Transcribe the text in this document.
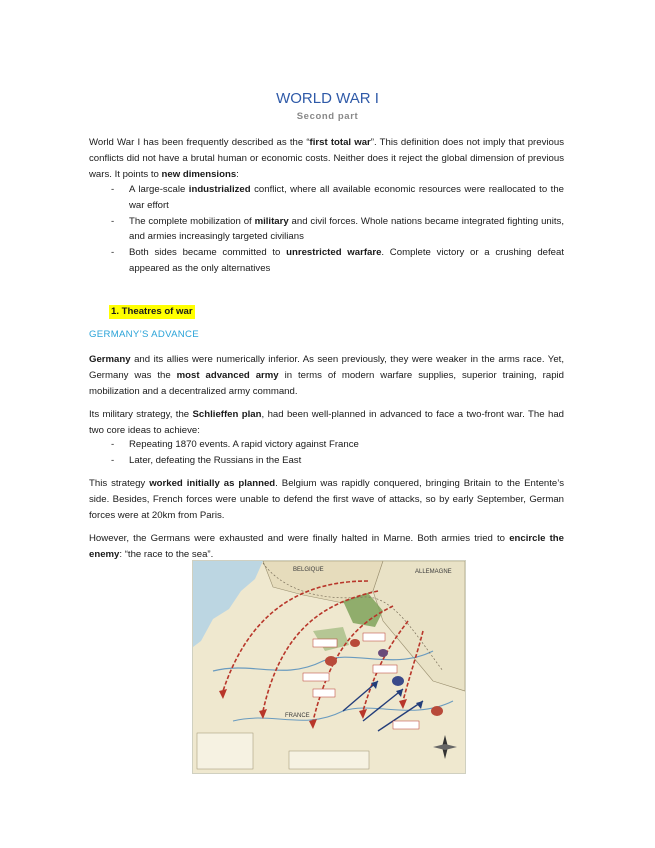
WORLD WAR I
Second part
World War I has been frequently described as the “first total war”. This definition does not imply that previous conflicts did not have a brutal human or economic costs. Neither does it reject the global dimension of previous wars. It points to new dimensions:
- A large-scale industrialized conflict, where all available economic resources were reallocated to the war effort
- The complete mobilization of military and civil forces. Whole nations became integrated fighting units, and armies increasingly targeted civilians
- Both sides became committed to unrestricted warfare. Complete victory or a crushing defeat appeared as the only alternatives
1. Theatres of war
GERMANY’S ADVANCE
Germany and its allies were numerically inferior. As seen previously, they were weaker in the arms race. Yet, Germany was the most advanced army in terms of modern warfare supplies, superior training, rapid mobilization and a decentralized army command.
Its military strategy, the Schlieffen plan, had been well-planned in advanced to face a two-front war. The had two core ideas to achieve:
- Repeating 1870 events. A rapid victory against France
- Later, defeating the Russians in the East
This strategy worked initially as planned. Belgium was rapidly conquered, bringing Britain to the Entente’s side. Besides, French forces were unable to defend the first wave of attacks, so by early September, German forces were at 20km from Paris.
However, the Germans were exhausted and were finally halted in Marne. Both armies tried to encircle the enemy: “the race to the sea”.
BELGIQUE	ALLEMAGNE
FRANCE
